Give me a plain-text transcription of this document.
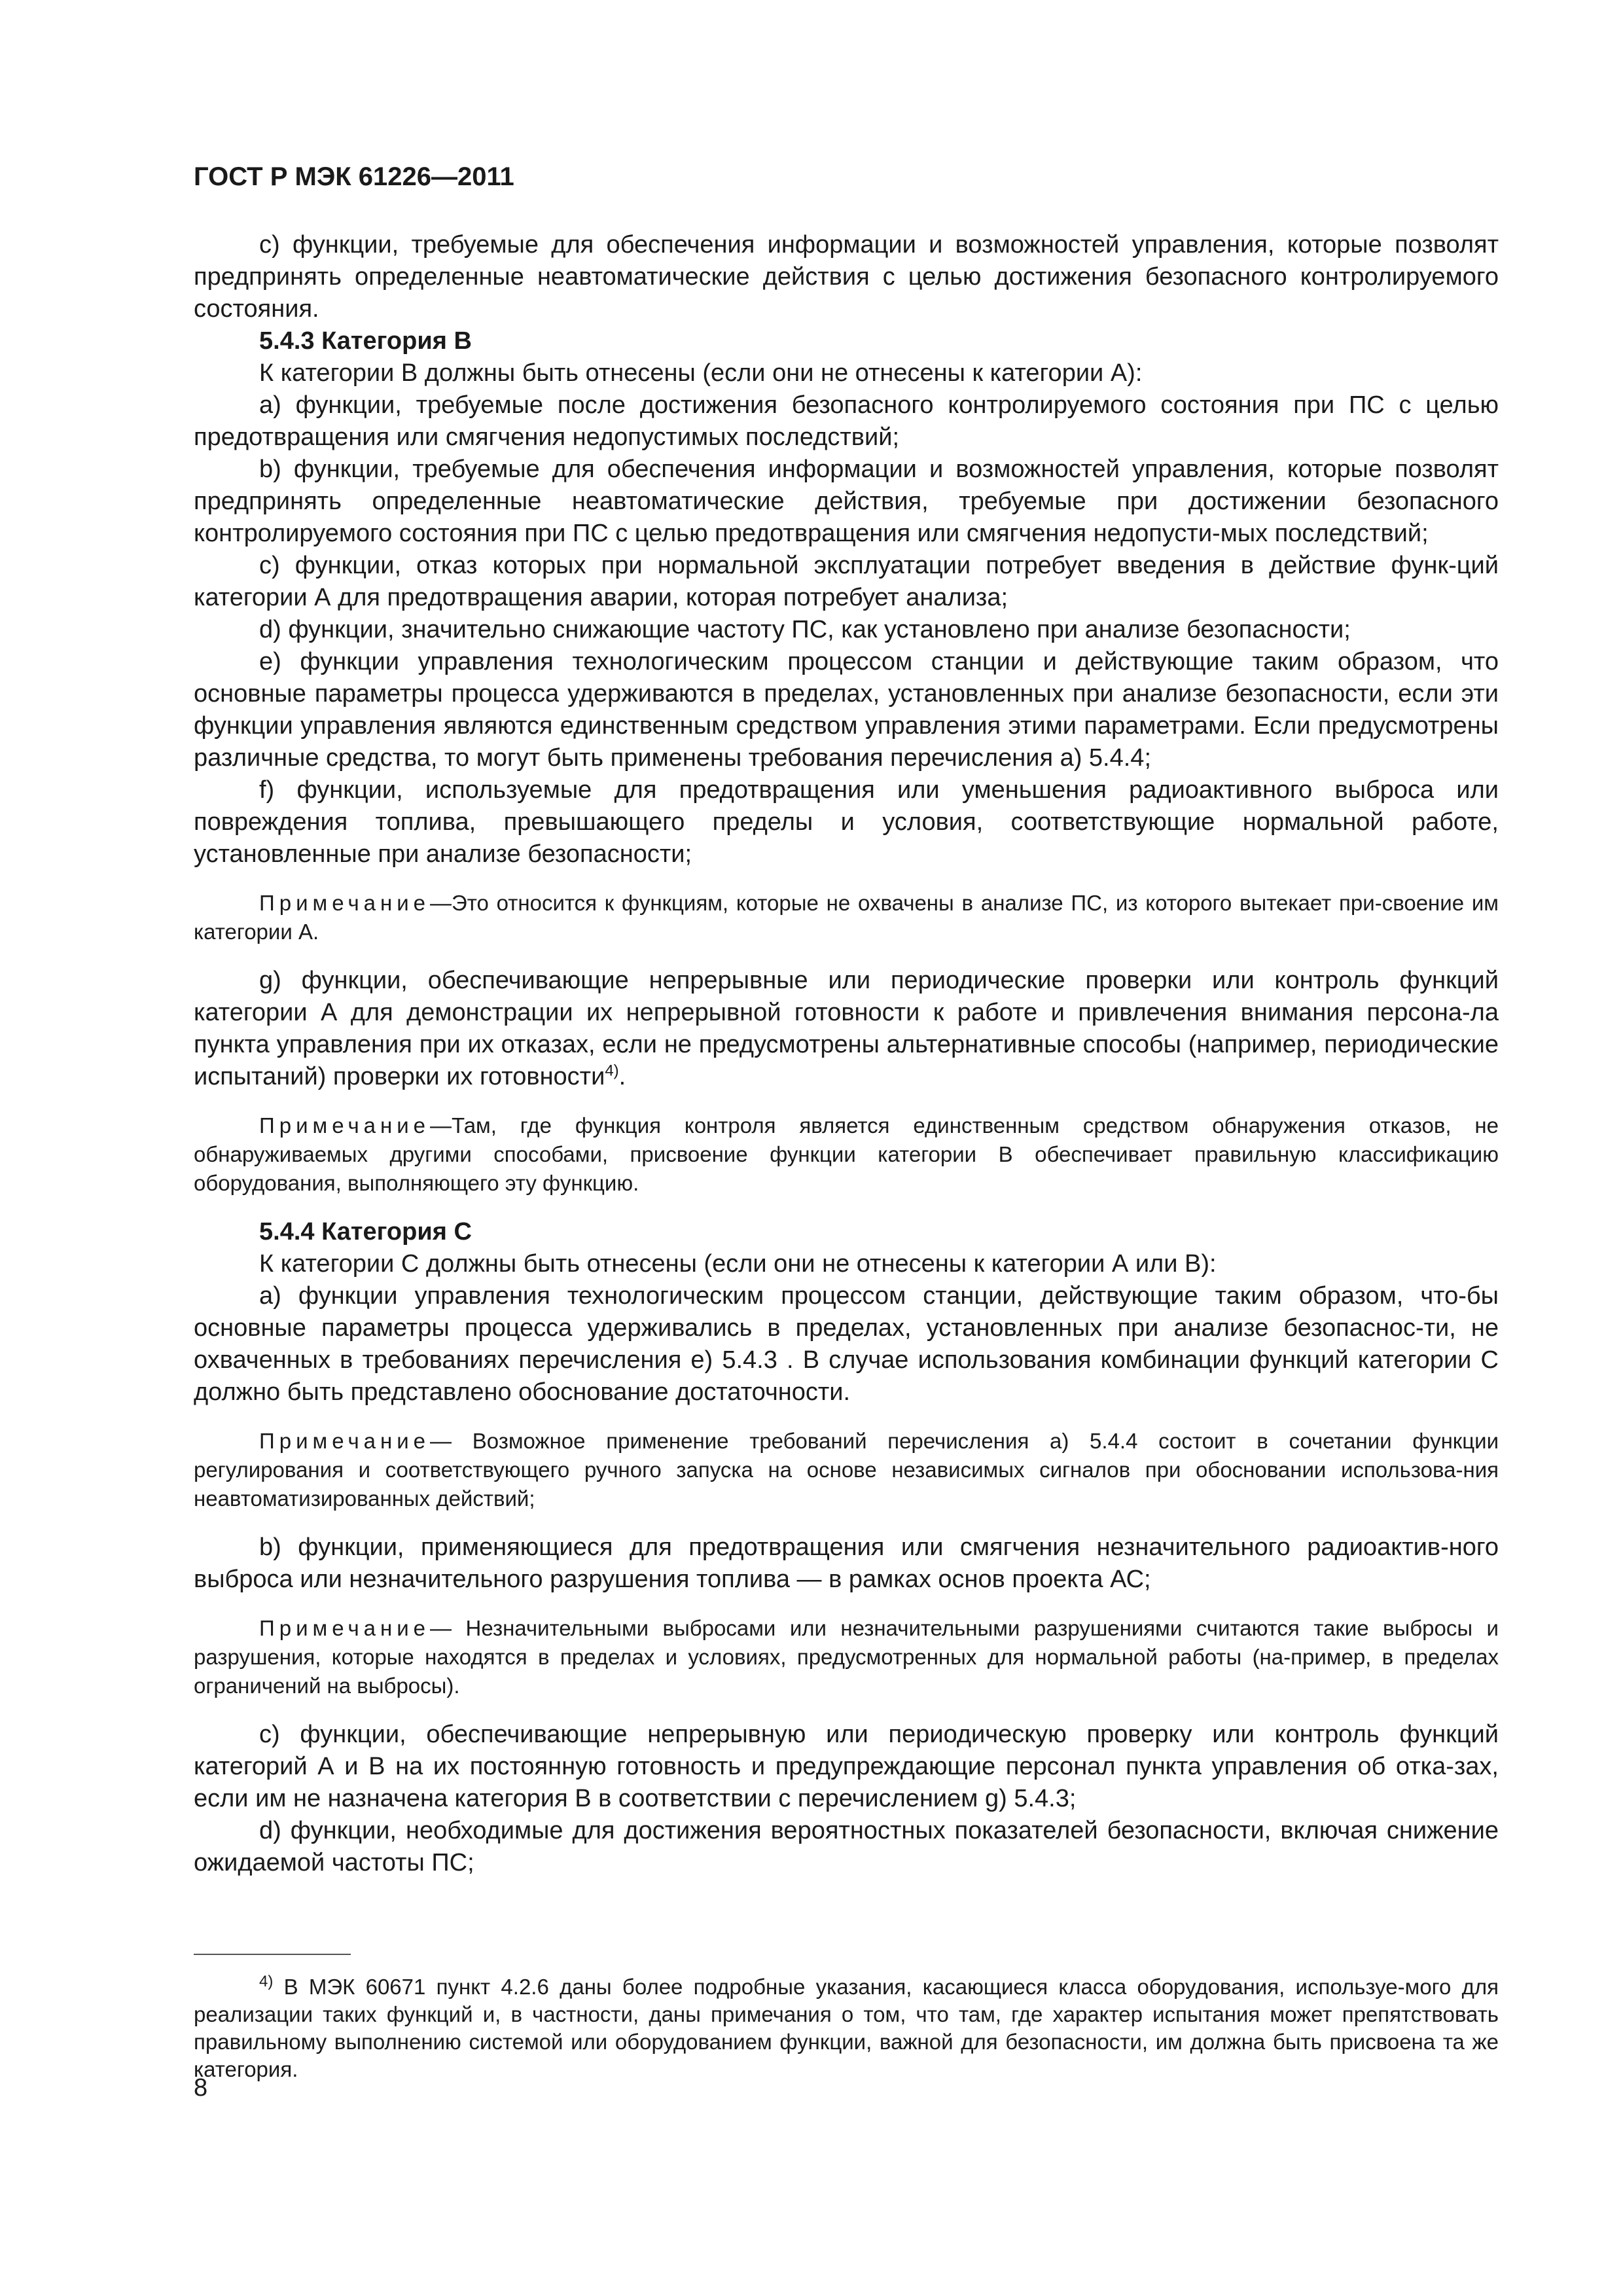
ГОСТ Р МЭК 61226—2011

с) функции, требуемые для обеспечения информации и возможностей управления, которые позволят предпринять определенные неавтоматические действия с целью достижения безопасного контролируемого состояния.

5.4.3 Категория В

К категории В должны быть отнесены (если они не отнесены к категории А):

а) функции, требуемые после достижения безопасного контролируемого состояния при ПС с целью предотвращения или смягчения недопустимых последствий;

b) функции, требуемые для обеспечения информации и возможностей управления, которые позволят предпринять определенные неавтоматические действия, требуемые при достижении безопасного контролируемого состояния при ПС с целью предотвращения или смягчения недопусти-мых последствий;

с) функции, отказ которых при нормальной эксплуатации потребует введения в действие функ-ций категории А для предотвращения аварии, которая потребует анализа;

d) функции, значительно снижающие частоту ПС, как установлено при анализе безопасности;

е) функции управления технологическим процессом станции и действующие таким образом, что основные параметры процесса удерживаются в пределах, установленных при анализе безопасности, если эти функции управления являются единственным средством управления этими параметрами. Если предусмотрены различные средства, то могут быть применены требования перечисления а) 5.4.4;

f) функции, используемые для предотвращения или уменьшения радиоактивного выброса или повреждения топлива, превышающего пределы и условия, соответствующие нормальной работе, установленные при анализе безопасности;

Примечание—Это относится к функциям, которые не охвачены в анализе ПС, из которого вытекает при-своение им категории А.

g) функции, обеспечивающие непрерывные или периодические проверки или контроль функций категории А для демонстрации их непрерывной готовности к работе и привлечения внимания персона-ла пункта управления при их отказах, если не предусмотрены альтернативные способы (например, периодические испытаний) проверки их готовности$^{4)}$.

Примечание—Там, где функция контроля является единственным средством обнаружения отказов, не обнаруживаемых другими способами, присвоение функции категории В обеспечивает правильную классификацию оборудования, выполняющего эту функцию.

5.4.4 Категория С

К категории С должны быть отнесены (если они не отнесены к категории А или В):

а) функции управления технологическим процессом станции, действующие таким образом, что-бы основные параметры процесса удерживались в пределах, установленных при анализе безопаснос-ти, не охваченных в требованиях перечисления е) 5.4.3 . В случае использования комбинации функций категории С должно быть представлено обоснование достаточности.

Примечание— Возможное применение требований перечисления а) 5.4.4 состоит в сочетании функции регулирования и соответствующего ручного запуска на основе независимых сигналов при обосновании использова-ния неавтоматизированных действий;

b) функции, применяющиеся для предотвращения или смягчения незначительного радиоактив-ного выброса или незначительного разрушения топлива — в рамках основ проекта АС;

Примечание— Незначительными выбросами или незначительными разрушениями считаются такие выбросы и разрушения, которые находятся в пределах и условиях, предусмотренных для нормальной работы (на-пример, в пределах ограничений на выбросы).

с) функции, обеспечивающие непрерывную или периодическую проверку или контроль функций категорий А и В на их постоянную готовность и предупреждающие персонал пункта управления об отка-зах, если им не назначена категория В в соответствии с перечислением g) 5.4.3;

d) функции, необходимые для достижения вероятностных показателей безопасности, включая снижение ожидаемой частоты ПС;

$^{4)}$ В МЭК 60671 пункт 4.2.6 даны более подробные указания, касающиеся класса оборудования, используе-мого для реализации таких функций и, в частности, даны примечания о том, что там, где характер испытания может препятствовать правильному выполнению системой или оборудованием функции, важной для безопасности, им должна быть присвоена та же категория.

8
